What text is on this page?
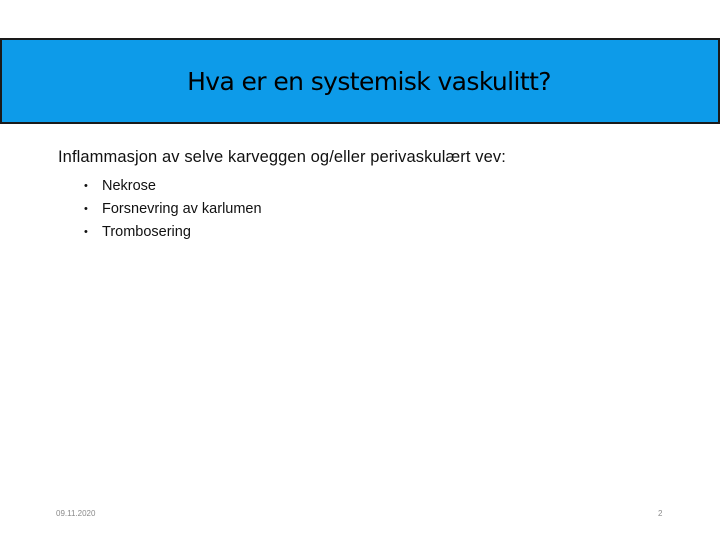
Hva er en systemisk vaskulitt?
Inflammasjon av selve karveggen og/eller perivaskulært vev:
• Nekrose
• Forsnevring av karlumen
• Trombosering
09.11.2020	2
